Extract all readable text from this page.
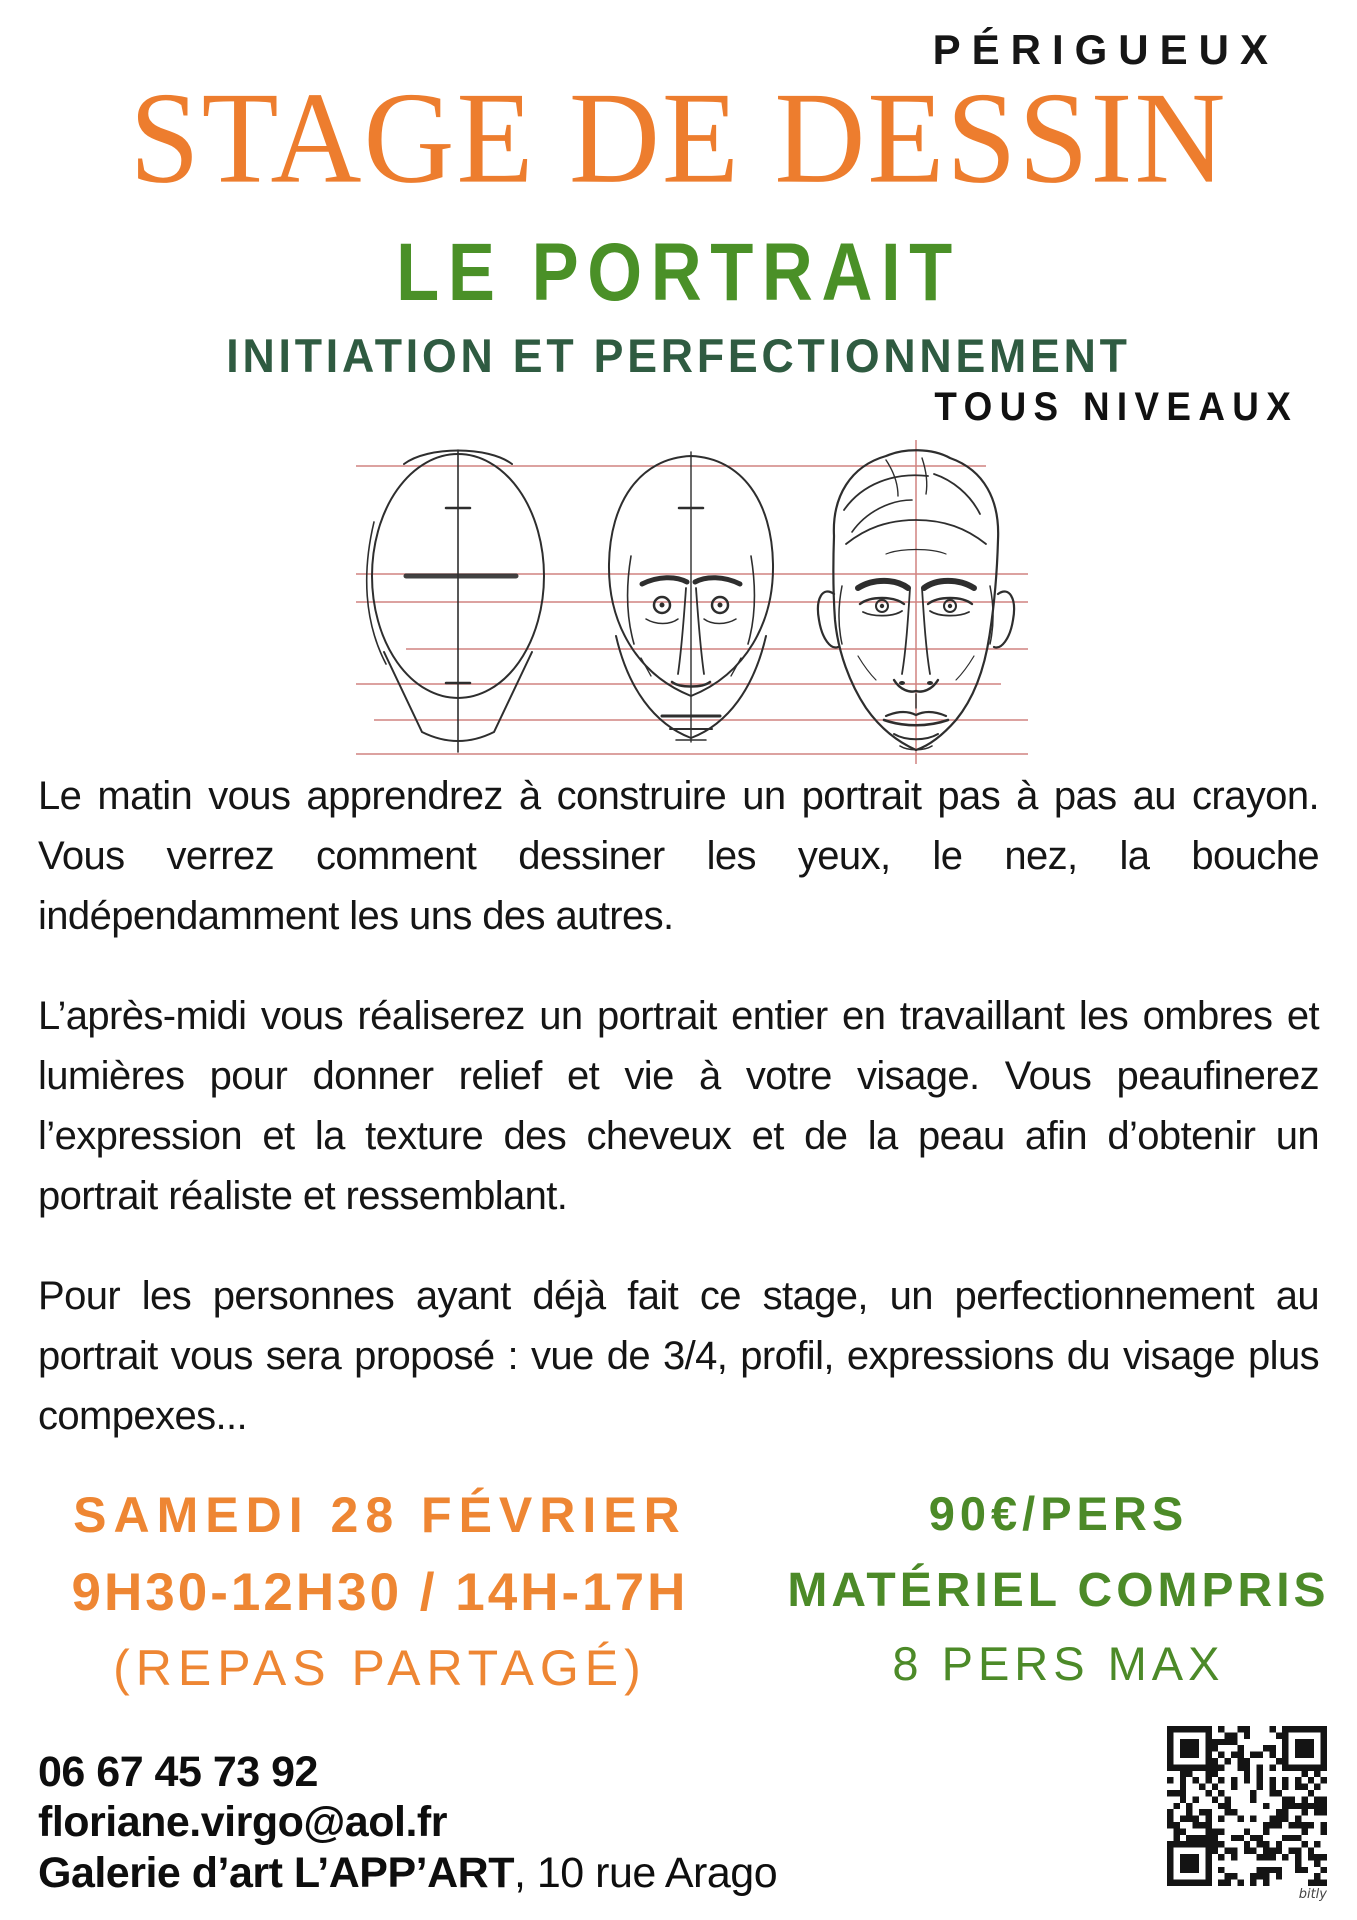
PÉRIGUEUX
STAGE DE DESSIN
LE PORTRAIT
INITIATION ET PERFECTIONNEMENT
TOUS NIVEAUX

Le matin vous apprendrez à construire un portrait pas à pas au crayon. Vous verrez comment dessiner les yeux, le nez, la bouche indépendamment les uns des autres.

L’après-midi vous réaliserez un portrait entier en travaillant les ombres et lumières pour donner relief et vie à votre visage. Vous peaufinerez l’expression et la texture des cheveux et de la peau afin d’obtenir un portrait réaliste et ressemblant.

Pour les personnes ayant déjà fait ce stage, un perfectionnement au portrait vous sera proposé : vue de 3/4, profil, expressions du visage plus compexes...

SAMEDI 28 FÉVRIER
9H30-12H30 / 14H-17H
(REPAS PARTAGÉ)
90€/PERS
MATÉRIEL COMPRIS
8 PERS MAX
06 67 45 73 92
floriane.virgo@aol.fr
Galerie d’art L’APP’ART, 10 rue Arago	bitly
